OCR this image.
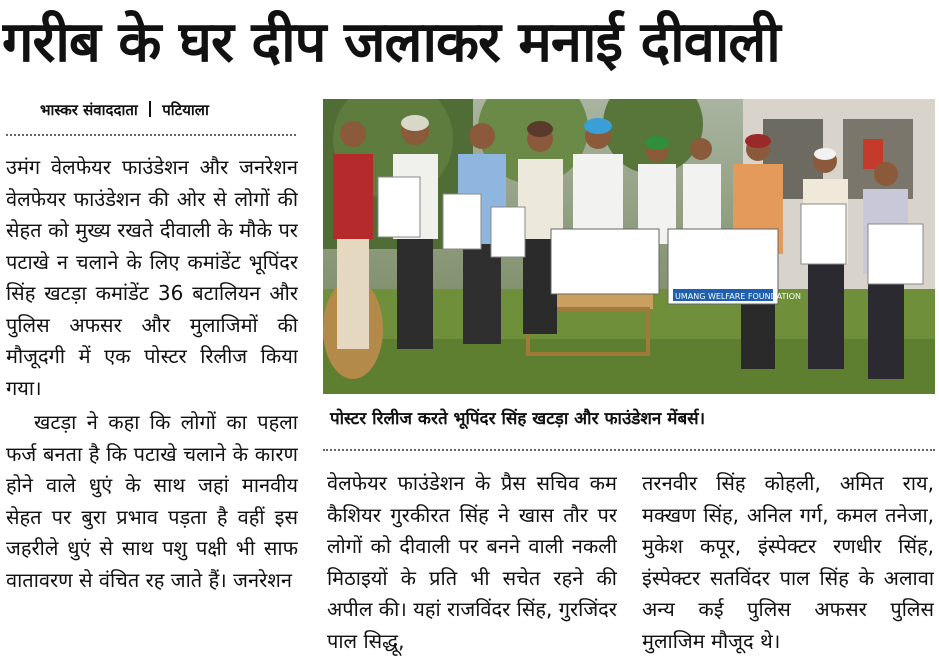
गरीब के घर दीप जलाकर मनाई दीवाली
भास्कर संवाददाता पटियाला

उमंग वेलफेयर फाउंडेशन और जनरेशन वेलफेयर फाउंडेशन की ओर से लोगों की सेहत को मुख्य रखते दीवाली के मौके पर पटाखे न चलाने के लिए कमांडेंट भूपिंदर सिंह खटड़ा कमांडेंट 36 बटालियन और पुलिस अफसर और मुलाजिमों की मौजूदगी में एक पोस्टर रिलीज किया गया।

खटड़ा ने कहा कि लोगों का पहला फर्ज बनता है कि पटाखे चलाने के कारण होने वाले धुएं के साथ जहां मानवीय सेहत पर बुरा प्रभाव पड़ता है वहीं इस जहरीले धुएं से साथ पशु पक्षी भी साफ वातावरण से वंचित रह जाते हैं। जनरेशन

UMANG WELFARE FOUNDATION
पोस्टर रिलीज करते भूपिंदर सिंह खटड़ा और फाउंडेशन मेंबर्स।

वेलफेयर फाउंडेशन के प्रैस सचिव कम कैशियर गुरकीरत सिंह ने खास तौर पर लोगों को दीवाली पर बनने वाली नकली मिठाइयों के प्रति भी सचेत रहने की अपील की। यहां राजविंदर सिंह, गुरजिंदर पाल सिद्धू,

तरनवीर सिंह कोहली, अमित राय, मक्खण सिंह, अनिल गर्ग, कमल तनेजा, मुकेश कपूर, इंस्पेक्टर रणधीर सिंह, इंस्पेक्टर सतविंदर पाल सिंह के अलावा अन्य कई पुलिस अफसर पुलिस मुलाजिम मौजूद थे।
